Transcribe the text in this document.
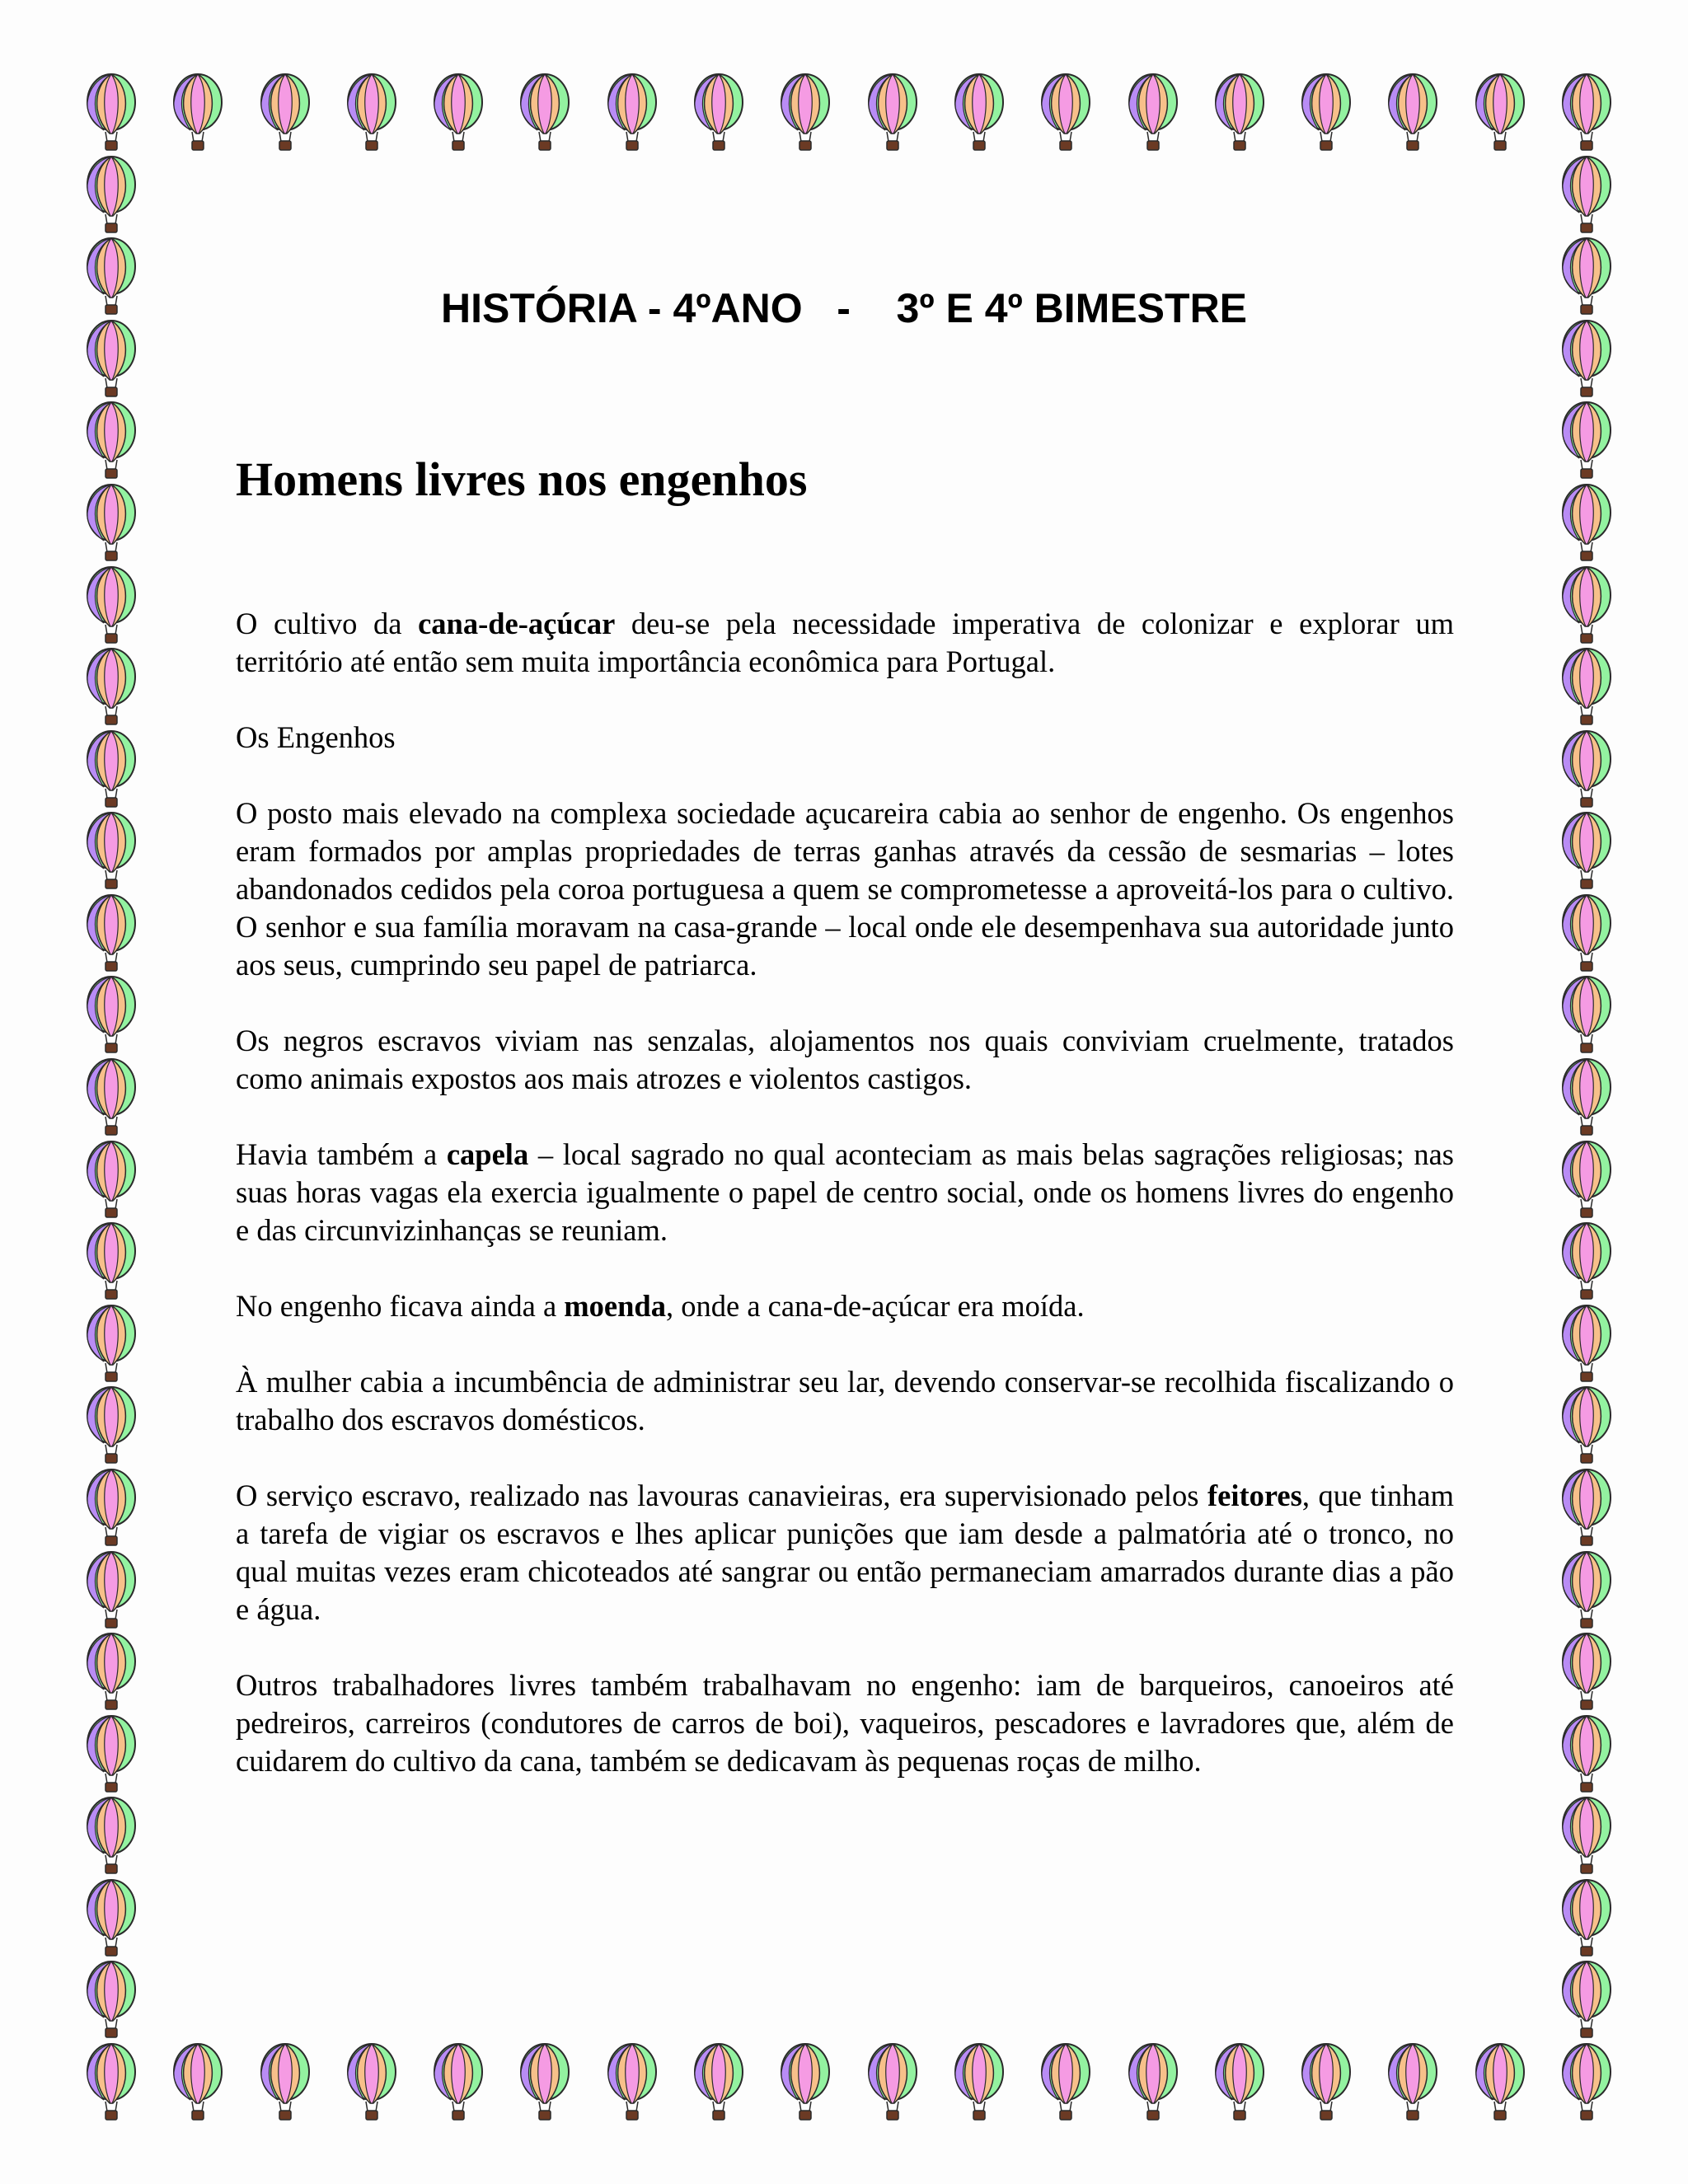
HISTÓRIA - 4ºANO   -    3º E 4º BIMESTRE
Homens livres nos engenhos

O cultivo da cana-de-açúcar deu-se pela necessidade imperativa de colonizar e explorar um território até então sem muita importância econômica para Portugal.

Os Engenhos

O posto mais elevado na complexa sociedade açucareira cabia ao senhor de engenho. Os engenhos eram formados por amplas propriedades de terras ganhas através da cessão de sesmarias – lotes abandonados cedidos pela coroa portuguesa a quem se comprometesse a aproveitá-los para o cultivo. O senhor e sua família moravam na casa-grande – local onde ele desempenhava sua autoridade junto aos seus, cumprindo seu papel de patriarca.

Os negros escravos viviam nas senzalas, alojamentos nos quais conviviam cruelmente, tratados como animais expostos aos mais atrozes e violentos castigos.

Havia também a capela – local sagrado no qual aconteciam as mais belas sagrações religiosas; nas suas horas vagas ela exercia igualmente o papel de centro social, onde os homens livres do engenho e das circunvizinhanças se reuniam.

No engenho ficava ainda a moenda, onde a cana-de-açúcar era moída.

À mulher cabia a incumbência de administrar seu lar, devendo conservar-se recolhida fiscalizando o trabalho dos escravos domésticos.

O serviço escravo, realizado nas lavouras canavieiras, era supervisionado pelos feitores, que tinham a tarefa de vigiar os escravos e lhes aplicar punições que iam desde a palmatória até o tronco, no qual muitas vezes eram chicoteados até sangrar ou então permaneciam amarrados durante dias a pão e água.

Outros trabalhadores livres também trabalhavam no engenho: iam de barqueiros, canoeiros até pedreiros, carreiros (condutores de carros de boi), vaqueiros, pescadores e lavradores que, além de cuidarem do cultivo da cana, também se dedicavam às pequenas roças de milho.
